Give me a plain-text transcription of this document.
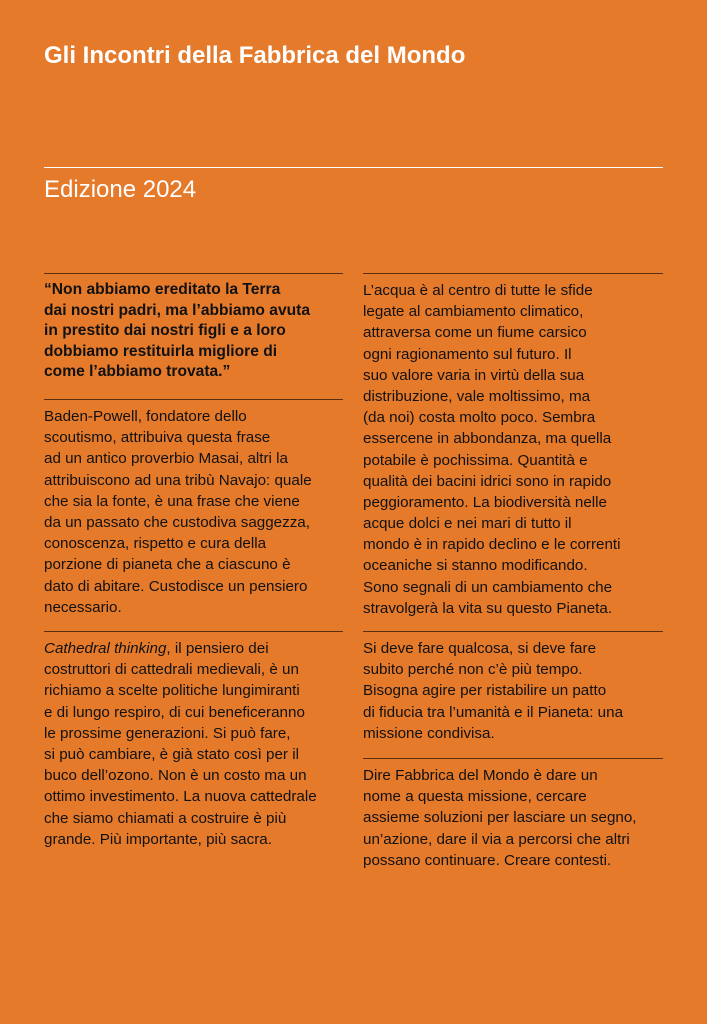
Gli Incontri della Fabbrica del Mondo
Edizione 2024
“Non abbiamo ereditato la Terra
dai nostri padri, ma l’abbiamo avuta
in prestito dai nostri figli e a loro
dobbiamo restituirla migliore di
come l’abbiamo trovata.”
Baden-Powell, fondatore dello
scoutismo, attribuiva questa frase
ad un antico proverbio Masai, altri la
attribuiscono ad una tribù Navajo: quale
che sia la fonte, è una frase che viene
da un passato che custodiva saggezza,
conoscenza, rispetto e cura della
porzione di pianeta che a ciascuno è
dato di abitare. Custodisce un pensiero
necessario.
Cathedral thinking, il pensiero dei
costruttori di cattedrali medievali, è un
richiamo a scelte politiche lungimiranti
e di lungo respiro, di cui beneficeranno
le prossime generazioni. Si può fare,
si può cambiare, è già stato così per il
buco dell’ozono. Non è un costo ma un
ottimo investimento. La nuova cattedrale
che siamo chiamati a costruire è più
grande. Più importante, più sacra.
L’acqua è al centro di tutte le sfide
legate al cambiamento climatico,
attraversa come un fiume carsico
ogni ragionamento sul futuro. Il
suo valore varia in virtù della sua
distribuzione, vale moltissimo, ma
(da noi) costa molto poco. Sembra
essercene in abbondanza, ma quella
potabile è pochissima. Quantità e
qualità dei bacini idrici sono in rapido
peggioramento. La biodiversità nelle
acque dolci e nei mari di tutto il
mondo è in rapido declino e le correnti
oceaniche si stanno modificando.
Sono segnali di un cambiamento che
stravolgerà la vita su questo Pianeta.
Si deve fare qualcosa, si deve fare
subito perché non c’è più tempo.
Bisogna agire per ristabilire un patto
di fiducia tra l’umanità e il Pianeta: una
missione condivisa.
Dire Fabbrica del Mondo è dare un
nome a questa missione, cercare
assieme soluzioni per lasciare un segno,
un’azione, dare il via a percorsi che altri
possano continuare. Creare contesti.
